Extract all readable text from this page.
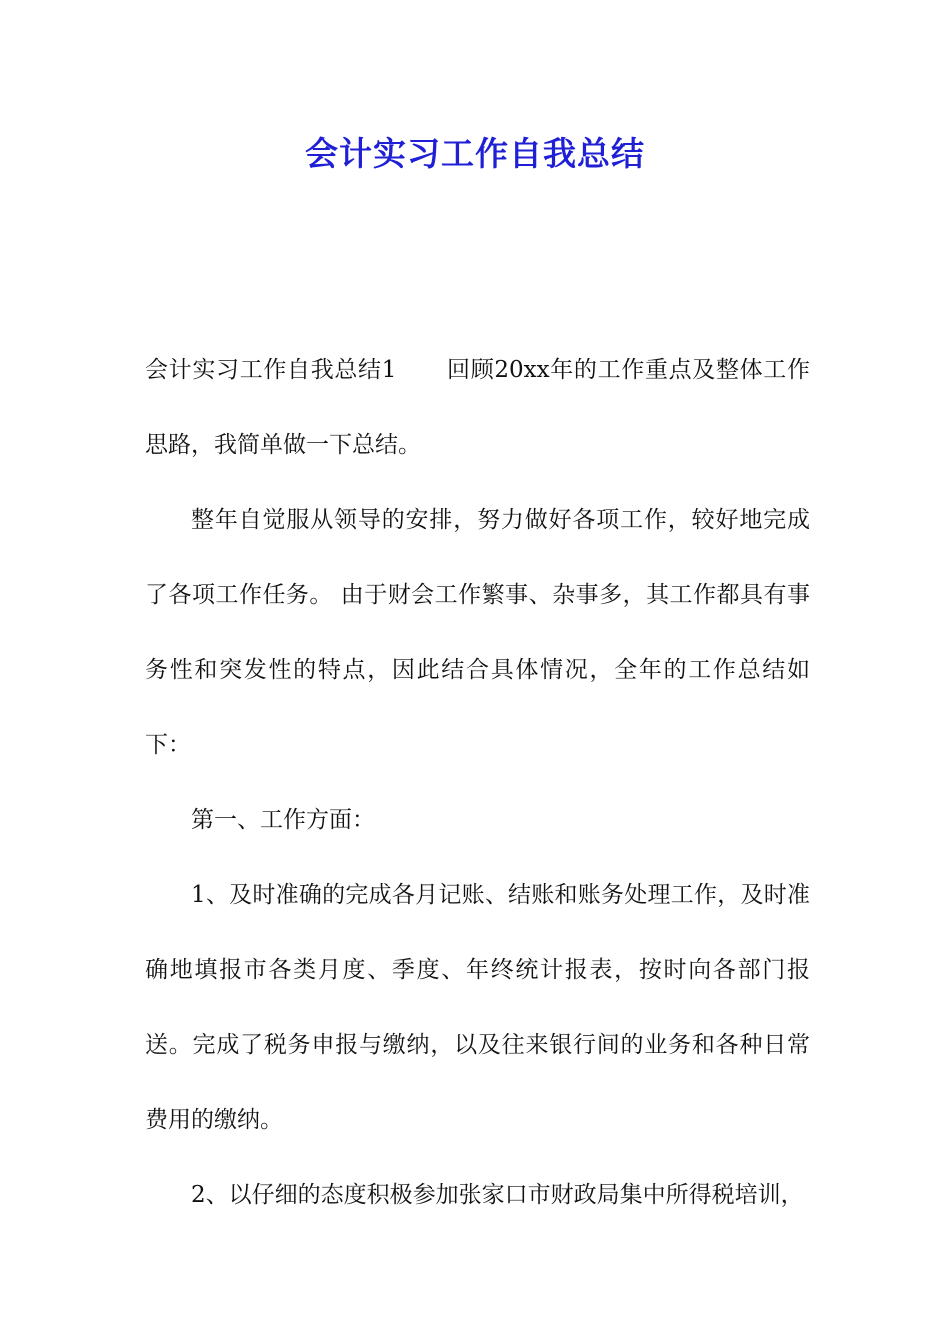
会计实习工作自我总结

会计实习工作自我总结1 回顾20xx年的工作重点及整体工作思路，我简单做一下总结。

整年自觉服从领导的安排，努力做好各项工作，较好地完成了各项工作任务。 由于财会工作繁事、杂事多，其工作都具有事务性和突发性的特点，因此结合具体情况，全年的工作总结如下：

第一、工作方面：

1、及时准确的完成各月记账、结账和账务处理工作，及时准确地填报市各类月度、季度、年终统计报表，按时向各部门报送。完成了税务申报与缴纳，以及往来银行间的业务和各种日常费用的缴纳。

2、以仔细的态度积极参加张家口市财政局集中所得税培训，
